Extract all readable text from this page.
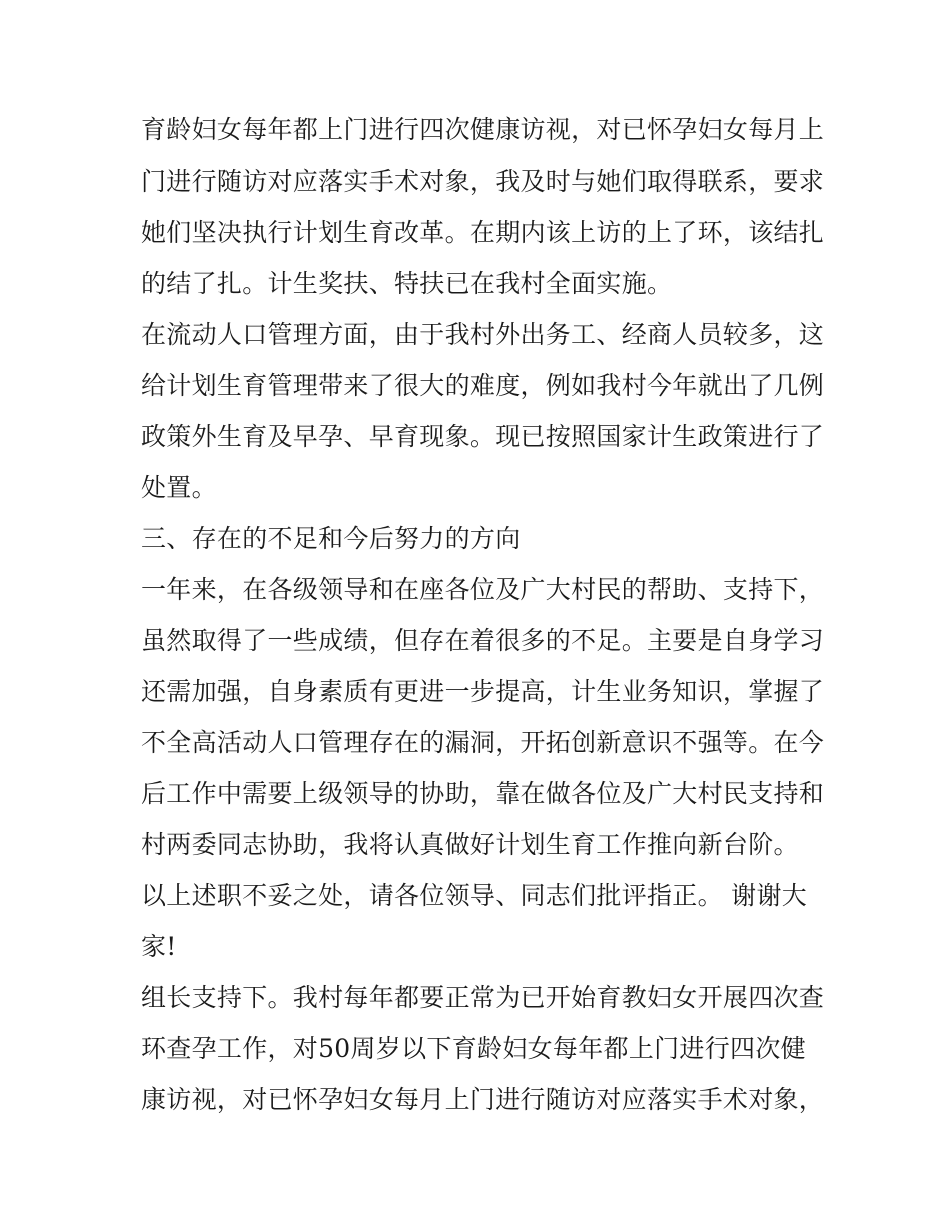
育龄妇女每年都上门进行四次健康访视，对已怀孕妇女每月上
门进行随访对应落实手术对象，我及时与她们取得联系，要求
她们坚决执行计划生育改革。在期内该上访的上了环，该结扎
的结了扎。计生奖扶、特扶已在我村全面实施。
在流动人口管理方面，由于我村外出务工、经商人员较多，这
给计划生育管理带来了很大的难度，例如我村今年就出了几例
政策外生育及早孕、早育现象。现已按照国家计生政策进行了
处置。
三、存在的不足和今后努力的方向
一年来，在各级领导和在座各位及广大村民的帮助、支持下，
虽然取得了一些成绩，但存在着很多的不足。主要是自身学习
还需加强，自身素质有更进一步提高，计生业务知识，掌握了
不全高活动人口管理存在的漏洞，开拓创新意识不强等。在今
后工作中需要上级领导的协助，靠在做各位及广大村民支持和
村两委同志协助，我将认真做好计划生育工作推向新台阶。
以上述职不妥之处，请各位领导、同志们批评指正。 谢谢大
家!
组长支持下。我村每年都要正常为已开始育教妇女开展四次查
环查孕工作，对50周岁以下育龄妇女每年都上门进行四次健
康访视，对已怀孕妇女每月上门进行随访对应落实手术对象，
